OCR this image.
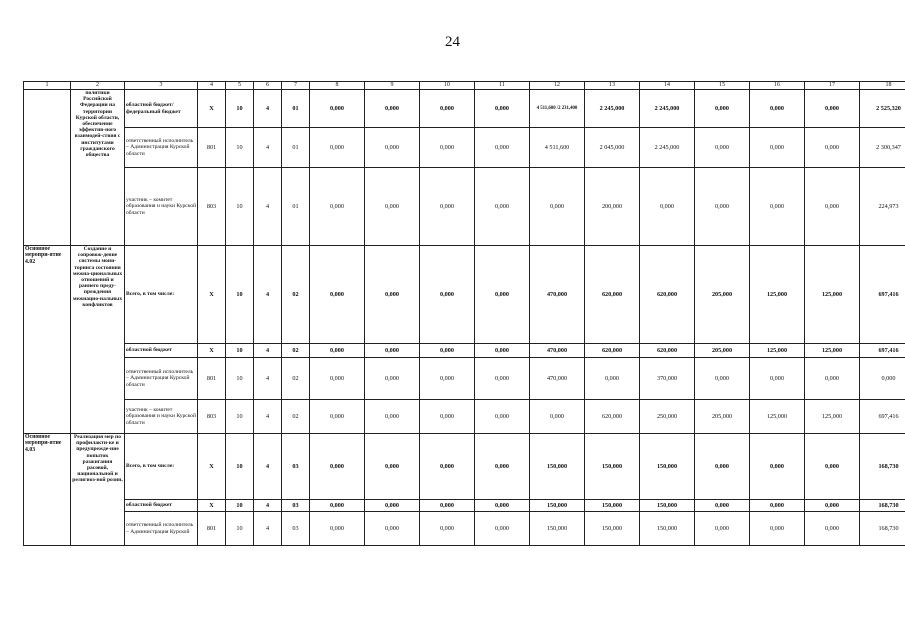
24
1	2	3	4	5	6	7	8	9	10	11	12	13	14	15	16	17	18
	политики Российской Федерации на территории Курской области, обеспечение эффектив-ного взаимодей-ствия с институтами гражданского общества	областной бюджет/ федеральный бюджет	Х	10	4	01	0,000	0,000	0,000	0,000	4 511,600 /2 231,400	2 245,000	2 245,000	0,000	0,000	0,000	2 525,320
		ответственный исполнитель – Администрация Курской области	801	10	4	01	0,000	0,000	0,000	0,000	4 511,600	2 045,000	2 245,000	0,000	0,000	0,000	2 300,347
		участник – комитет образования и науки Курской области	803	10	4	01	0,000	0,000	0,000	0,000	0,000	200,000	0,000	0,000	0,000	0,000	224,973
Основное меропри-ятие 4.02	Создание и сопровож-дение системы мони-торинга состояния межна-циональных отношений и раннего преду-преждения межнацио-нальных конфликтов	Всего, в том числе:	Х	10	4	02	0,000	0,000	0,000	0,000	470,000	620,000	620,000	205,000	125,000	125,000	697,416
		областной бюджет	Х	10	4	02	0,000	0,000	0,000	0,000	470,000	620,000	620,000	205,000	125,000	125,000	697,416
		ответственный исполнитель – Администрация Курской области	801	10	4	02	0,000	0,000	0,000	0,000	470,000	0,000	370,000	0,000	0,000	0,000	0,000
		участник – комитет образования и науки Курской области	803	10	4	02	0,000	0,000	0,000	0,000	0,000	620,000	250,000	205,000	125,000	125,000	697,416
Основное меропри-ятие 4.03	Реализация мер по профилакти-ке и предупрежде-ние попыток разжигания расовой, национальной и религиоз-ной розни,	Всего, в том числе:	Х	10	4	03	0,000	0,000	0,000	0,000	150,000	150,000	150,000	0,000	0,000	0,000	168,730
		областной бюджет	Х	10	4	03	0,000	0,000	0,000	0,000	150,000	150,000	150,000	0,000	0,000	0,000	168,730
		ответственный исполнитель – Администрация Курской	801	10	4	03	0,000	0,000	0,000	0,000	150,000	150,000	150,000	0,000	0,000	0,000	168,730
